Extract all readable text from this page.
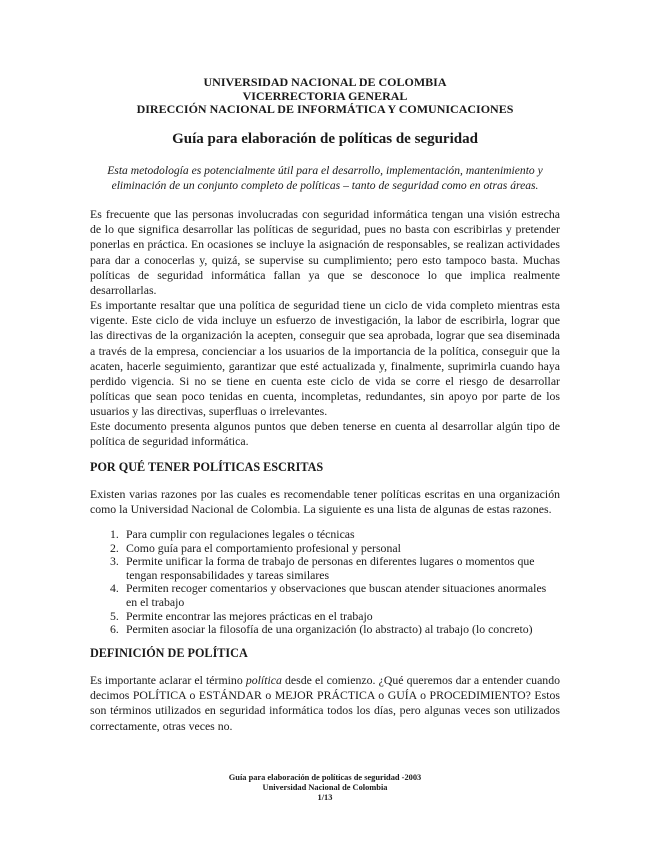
UNIVERSIDAD NACIONAL DE COLOMBIA
VICERRECTORIA GENERAL
DIRECCIÓN NACIONAL DE INFORMÁTICA Y COMUNICACIONES
Guía para elaboración de políticas de seguridad
Esta metodología es potencialmente útil para el desarrollo, implementación, mantenimiento y eliminación de un conjunto completo de políticas – tanto de seguridad como en otras áreas.

Es frecuente que las personas involucradas con seguridad informática tengan una visión estrecha de lo que significa desarrollar las políticas de seguridad, pues no basta con escribirlas y pretender ponerlas en práctica. En ocasiones se incluye la asignación de responsables, se realizan actividades para dar a conocerlas y, quizá, se supervise su cumplimiento; pero esto tampoco basta. Muchas políticas de seguridad informática fallan ya que se desconoce lo que implica realmente desarrollarlas.

Es importante resaltar que una política de seguridad tiene un ciclo de vida completo mientras esta vigente. Este ciclo de vida incluye un esfuerzo de investigación, la labor de escribirla, lograr que las directivas de la organización la acepten, conseguir que sea aprobada, lograr que sea diseminada a través de la empresa, concienciar a los usuarios de la importancia de la política, conseguir que la acaten, hacerle seguimiento, garantizar que esté actualizada y, finalmente, suprimirla cuando haya perdido vigencia. Si no se tiene en cuenta este ciclo de vida se corre el riesgo de desarrollar políticas que sean poco tenidas en cuenta, incompletas, redundantes, sin apoyo por parte de los usuarios y las directivas, superfluas o irrelevantes.

Este documento presenta algunos puntos que deben tenerse en cuenta al desarrollar algún tipo de política de seguridad informática.

POR QUÉ TENER POLÍTICAS ESCRITAS

Existen varias razones por las cuales es recomendable tener políticas escritas en una organización como la Universidad Nacional de Colombia. La siguiente es una lista de algunas de estas razones.

1. Para cumplir con regulaciones legales o técnicas
2. Como guía para el comportamiento profesional y personal
3. Permite unificar la forma de trabajo de personas en diferentes lugares o momentos que tengan responsabilidades y tareas similares
4. Permiten recoger comentarios y observaciones que buscan atender situaciones anormales en el trabajo
5. Permite encontrar las mejores prácticas en el trabajo
6. Permiten asociar la filosofía de una organización (lo abstracto) al trabajo (lo concreto)
DEFINICIÓN DE POLÍTICA

Es importante aclarar el término política desde el comienzo. ¿Qué queremos dar a entender cuando decimos POLÍTICA o ESTÁNDAR o MEJOR PRÁCTICA o GUÍA o PROCEDIMIENTO? Estos son términos utilizados en seguridad informática todos los días, pero algunas veces son utilizados correctamente, otras veces no.

Guía para elaboración de políticas de seguridad -2003
Universidad Nacional de Colombia
1/13
